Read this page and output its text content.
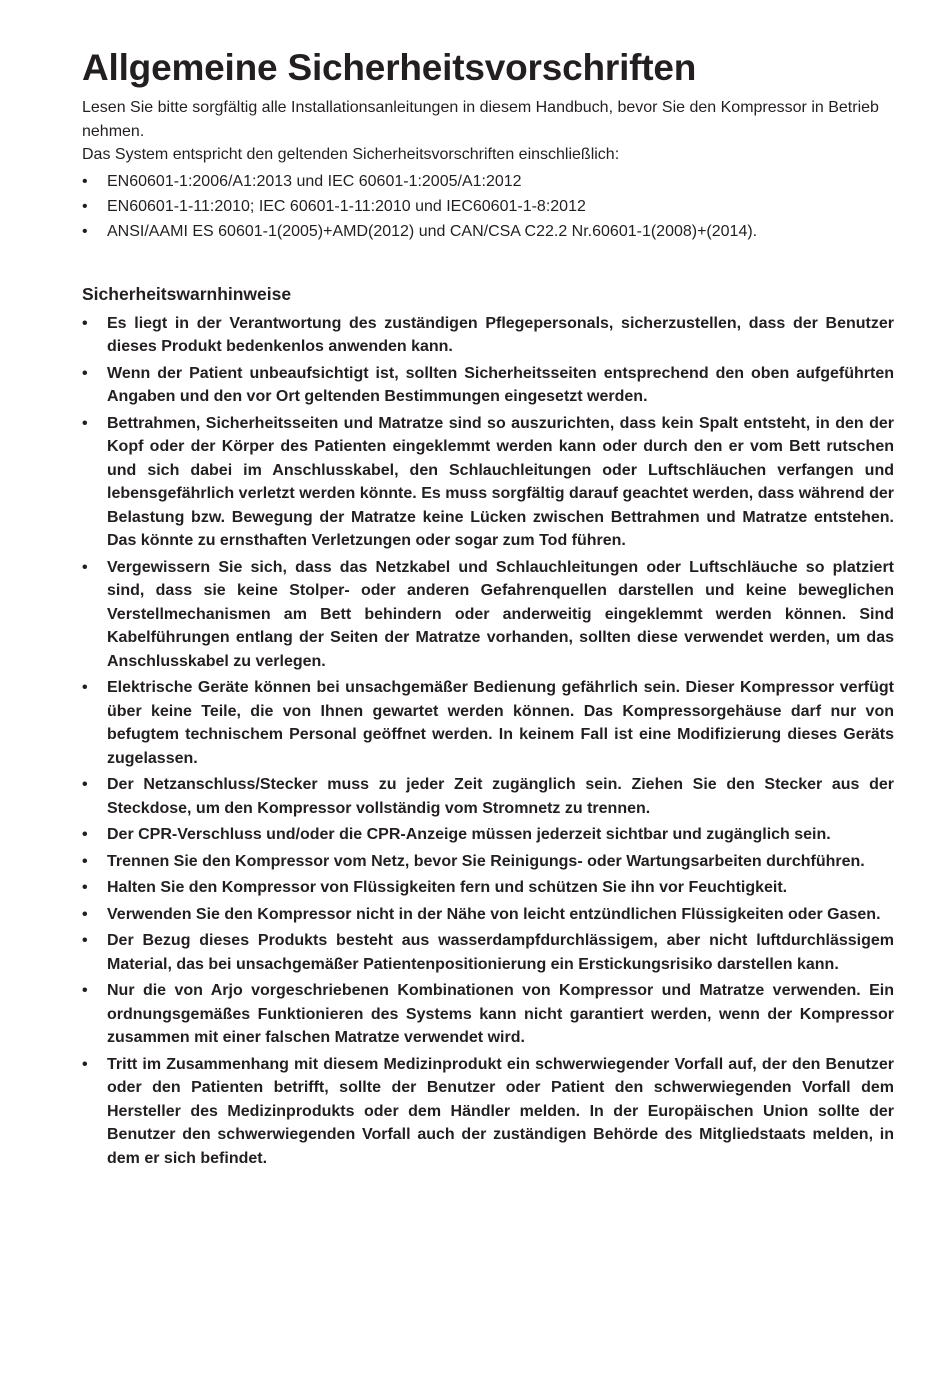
Allgemeine Sicherheitsvorschriften

Lesen Sie bitte sorgfältig alle Installationsanleitungen in diesem Handbuch, bevor Sie den Kompressor in Betrieb nehmen.

Das System entspricht den geltenden Sicherheitsvorschriften einschließlich:

• EN60601-1:2006/A1:2013 und IEC 60601-1:2005/A1:2012
• EN60601-1-11:2010; IEC 60601-1-11:2010 und IEC60601-1-8:2012
• ANSI/AAMI ES 60601-1(2005)+AMD(2012) und CAN/CSA C22.2 Nr.60601-1(2008)+(2014).
Sicherheitswarnhinweise
• Es liegt in der Verantwortung des zuständigen Pflegepersonals, sicherzustellen, dass der Benutzer dieses Produkt bedenkenlos anwenden kann.
• Wenn der Patient unbeaufsichtigt ist, sollten Sicherheitsseiten entsprechend den oben aufgeführten Angaben und den vor Ort geltenden Bestimmungen eingesetzt werden.
• Bettrahmen, Sicherheitsseiten und Matratze sind so auszurichten, dass kein Spalt entsteht, in den der Kopf oder der Körper des Patienten eingeklemmt werden kann oder durch den er vom Bett rutschen und sich dabei im Anschlusskabel, den Schlauchleitungen oder Luftschläuchen verfangen und lebensgefährlich verletzt werden könnte. Es muss sorgfältig darauf geachtet werden, dass während der Belastung bzw. Bewegung der Matratze keine Lücken zwischen Bettrahmen und Matratze entstehen. Das könnte zu ernsthaften Verletzungen oder sogar zum Tod führen.
• Vergewissern Sie sich, dass das Netzkabel und Schlauchleitungen oder Luftschläuche so platziert sind, dass sie keine Stolper- oder anderen Gefahrenquellen darstellen und keine beweglichen Verstellmechanismen am Bett behindern oder anderweitig eingeklemmt werden können. Sind Kabelführungen entlang der Seiten der Matratze vorhanden, sollten diese verwendet werden, um das Anschlusskabel zu verlegen.
• Elektrische Geräte können bei unsachgemäßer Bedienung gefährlich sein. Dieser Kompressor verfügt über keine Teile, die von Ihnen gewartet werden können. Das Kompressorgehäuse darf nur von befugtem technischem Personal geöffnet werden. In keinem Fall ist eine Modifizierung dieses Geräts zugelassen.
• Der Netzanschluss/Stecker muss zu jeder Zeit zugänglich sein. Ziehen Sie den Stecker aus der Steckdose, um den Kompressor vollständig vom Stromnetz zu trennen.
• Der CPR-Verschluss und/oder die CPR-Anzeige müssen jederzeit sichtbar und zugänglich sein.
• Trennen Sie den Kompressor vom Netz, bevor Sie Reinigungs- oder Wartungsarbeiten durchführen.
• Halten Sie den Kompressor von Flüssigkeiten fern und schützen Sie ihn vor Feuchtigkeit.
• Verwenden Sie den Kompressor nicht in der Nähe von leicht entzündlichen Flüssigkeiten oder Gasen.
• Der Bezug dieses Produkts besteht aus wasserdampfdurchlässigem, aber nicht luftdurchlässigem Material, das bei unsachgemäßer Patientenpositionierung ein Erstickungsrisiko darstellen kann.
• Nur die von Arjo vorgeschriebenen Kombinationen von Kompressor und Matratze verwenden. Ein ordnungsgemäßes Funktionieren des Systems kann nicht garantiert werden, wenn der Kompressor zusammen mit einer falschen Matratze verwendet wird.
• Tritt im Zusammenhang mit diesem Medizinprodukt ein schwerwiegender Vorfall auf, der den Benutzer oder den Patienten betrifft, sollte der Benutzer oder Patient den schwerwiegenden Vorfall dem Hersteller des Medizinprodukts oder dem Händler melden. In der Europäischen Union sollte der Benutzer den schwerwiegenden Vorfall auch der zuständigen Behörde des Mitgliedstaats melden, in dem er sich befindet.
